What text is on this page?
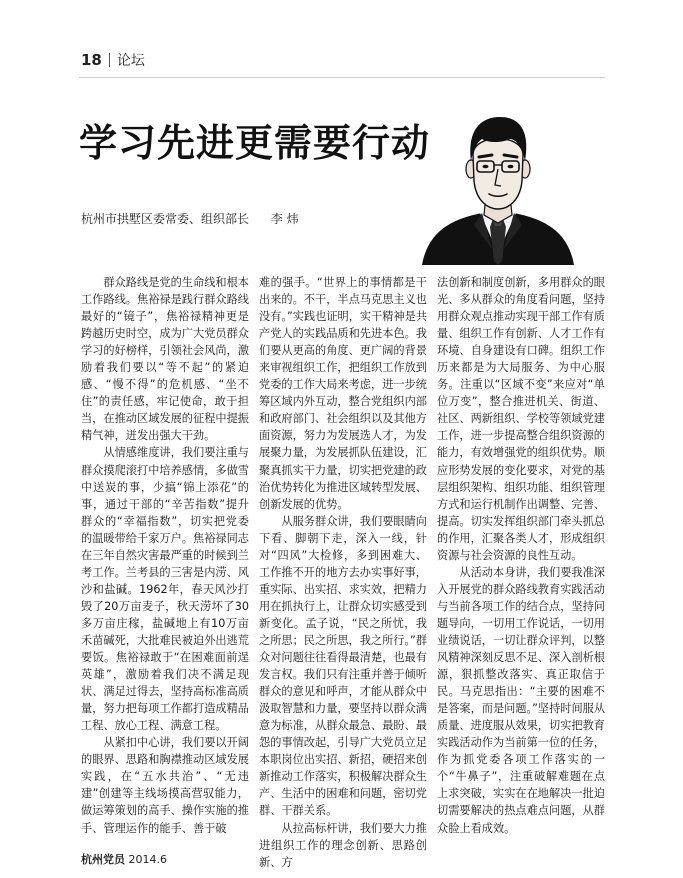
18 论坛
学习先进更需要行动
杭州市拱墅区委常委、组织部长 李 炜

群众路线是党的生命线和根本工作路线。焦裕禄是践行群众路线最好的“镜子”，焦裕禄精神更是跨越历史时空，成为广大党员群众学习的好榜样，引领社会风尚，激励着我们要以“等不起”的紧迫感、“慢不得”的危机感、“坐不住”的责任感，牢记使命，敢于担当，在推动区域发展的征程中提振精气神，迸发出强大干劲。

从情感维度讲，我们要注重与群众摸爬滚打中培养感情，多做雪中送炭的事，少搞“锦上添花”的事，通过干部的“辛苦指数”提升群众的“幸福指数”，切实把党委的温暖带给千家万户。焦裕禄同志在三年自然灾害最严重的时候到兰考工作。兰考县的三害是内涝、风沙和盐碱。1962年，春天风沙打毁了20万亩麦子，秋天涝坏了30多万亩庄稼，盐碱地上有10万亩禾苗碱死，大批难民被迫外出逃荒要饭。焦裕禄敢于“在困难面前逞英雄”，激励着我们决不满足现状、满足过得去，坚持高标准高质量，努力把每项工作都打造成精品工程、放心工程、满意工程。

从紧扣中心讲，我们要以开阔的眼界、思路和胸襟推动区域发展实践，在“五水共治”、“无违建”创建等主线场摸高营驭能力，做运筹策划的高手、操作实施的推手、管理运作的能手、善于破

难的强手。“世界上的事情都是干出来的。不干，半点马克思主义也没有。”实践也证明，实干精神是共产党人的实践品质和先进本色。我们要从更高的角度、更广阔的背景来审视组织工作，把组织工作放到党委的工作大局来考虑，进一步统筹区域内外互动，整合党组织内部和政府部门、社会组织以及其他方面资源，努力为发展选人才，为发展聚力量，为发展抓队伍建设，汇聚真抓实干力量，切实把党建的政治优势转化为推进区域转型发展、创新发展的优势。

从服务群众讲，我们要眼睛向下看、脚朝下走，深入一线，针对“四风”大检修，多到困难大、工作推不开的地方去办实事好事，重实际、出实招、求实效，把精力用在抓执行上，让群众切实感受到新变化。孟子说，“民之所忧，我之所思；民之所思，我之所行。”群众对问题往往看得最清楚，也最有发言权。我们只有注重并善于倾听群众的意见和呼声，才能从群众中汲取智慧和力量，要坚持以群众满意为标准，从群众最急、最盼、最怨的事情改起，引导广大党员立足本职岗位出实招、新招，硬招来创新推动工作落实，积极解决群众生产、生活中的困难和问题，密切党群、干群关系。

从拉高标杆讲，我们要大力推进组织工作的理念创新、思路创新、方

法创新和制度创新，多用群众的眼光、多从群众的角度看问题，坚持用群众观点推动实现干部工作有质量、组织工作有创新、人才工作有环境、自身建设有口碑。组织工作历来都是为大局服务、为中心服务。注重以“区域不变”来应对“单位万变”，整合推进机关、街道、社区、两新组织、学校等领域党建工作，进一步提高整合组织资源的能力，有效增强党的组织优势。顺应形势发展的变化要求，对党的基层组织架构、组织功能、组织管理方式和运行机制作出调整、完善、提高。切实发挥组织部门牵头抓总的作用，汇聚各类人才，形成组织资源与社会资源的良性互动。

从活动本身讲，我们要我准深入开展党的群众路线教育实践活动与当前各项工作的结合点，坚持问题导向，一切用工作说话，一切用业绩说话，一切让群众评判，以整风精神深刻反思不足、深入剖析根源，狠抓整改落实、真正取信于民。马克思指出：“主要的困难不是答案，而是问题。”坚持时间服从质量、进度服从效果，切实把教育实践活动作为当前第一位的任务，作为抓党委各项工作落实的一个“牛鼻子”，注重破解难题在点上求突破，实实在在地解决一批迫切需要解决的热点难点问题，从群众脸上看成效。

杭州党员 2014.6
